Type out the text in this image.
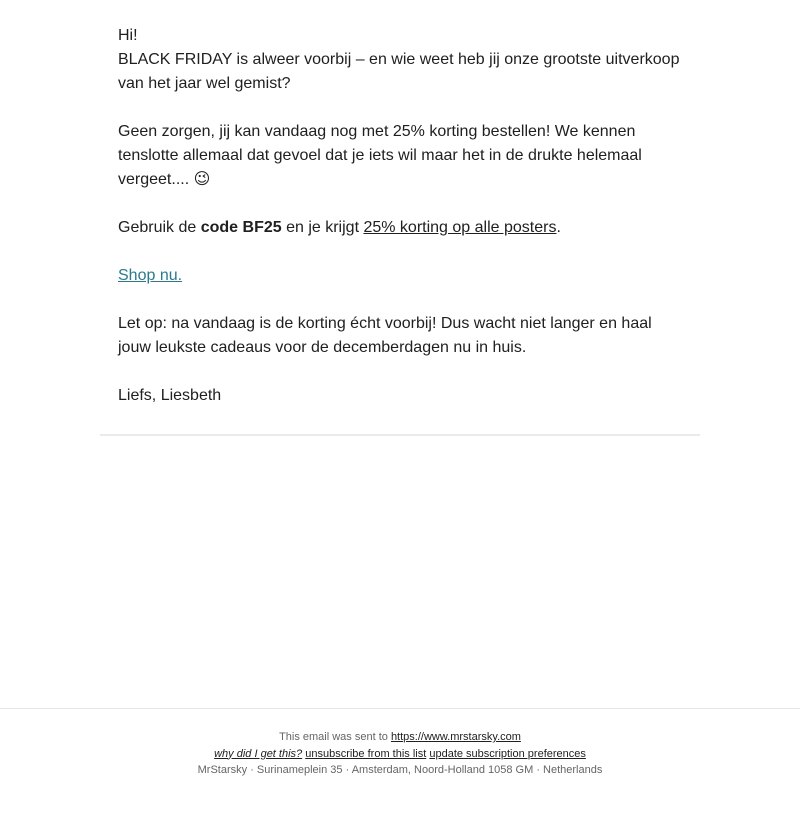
Hi!

BLACK FRIDAY is alweer voorbij – en wie weet heb jij onze grootste uitverkoop van het jaar wel gemist?

Geen zorgen, jij kan vandaag nog met 25% korting bestellen! We kennen tenslotte allemaal dat gevoel dat je iets wil maar het in de drukte helemaal vergeet.... 😉

Gebruik de code BF25 en je krijgt 25% korting op alle posters.

Shop nu.

Let op: na vandaag is de korting écht voorbij! Dus wacht niet langer en haal jouw leukste cadeaus voor de decemberdagen nu in huis.

Liefs, Liesbeth

This email was sent to https://www.mrstarsky.com
why did I get this? unsubscribe from this list update subscription preferences
MrStarsky · Surinameplein 35 · Amsterdam, Noord-Holland 1058 GM · Netherlands
